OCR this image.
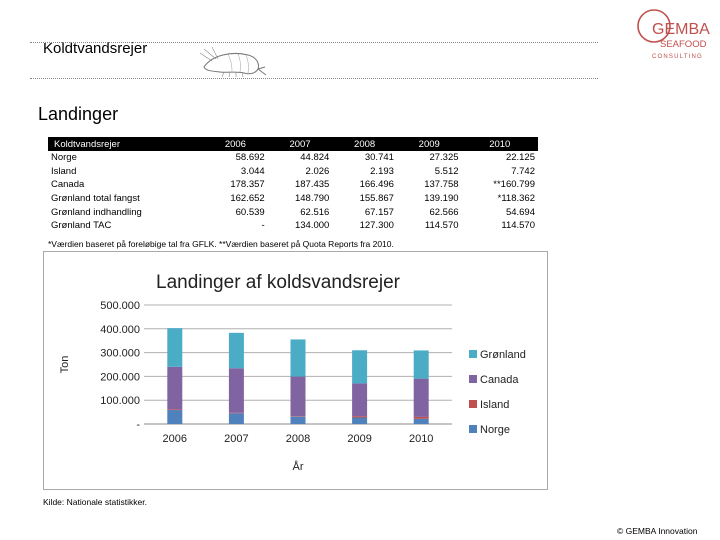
Koldtvandsrejer
GEMBA
SEAFOOD
CONSULTING
Landinger
Koldtvandsrejer	2006	2007	2008	2009	2010
Norge	58.692	44.824	30.741	27.325	22.125
Island	3.044	2.026	2.193	5.512	7.742
Canada	178.357	187.435	166.496	137.758	**160.799
Grønland total fangst	162.652	148.790	155.867	139.190	*118.362
Grønland indhandling	60.539	62.516	67.157	62.566	54.694
Grønland TAC	-	134.000	127.300	114.570	114.570
*Værdien baseret på foreløbige tal fra GFLK. **Værdien baseret på Quota Reports fra 2010.
Landinger af koldsvandsrejer
-
100.000
200.000
300.000
400.000
500.000
Ton
2006	2007	2008	2009	2010
År
Grønland
Canada
Island
Norge
Kilde: Nationale statistikker.
© GEMBA Innovation
